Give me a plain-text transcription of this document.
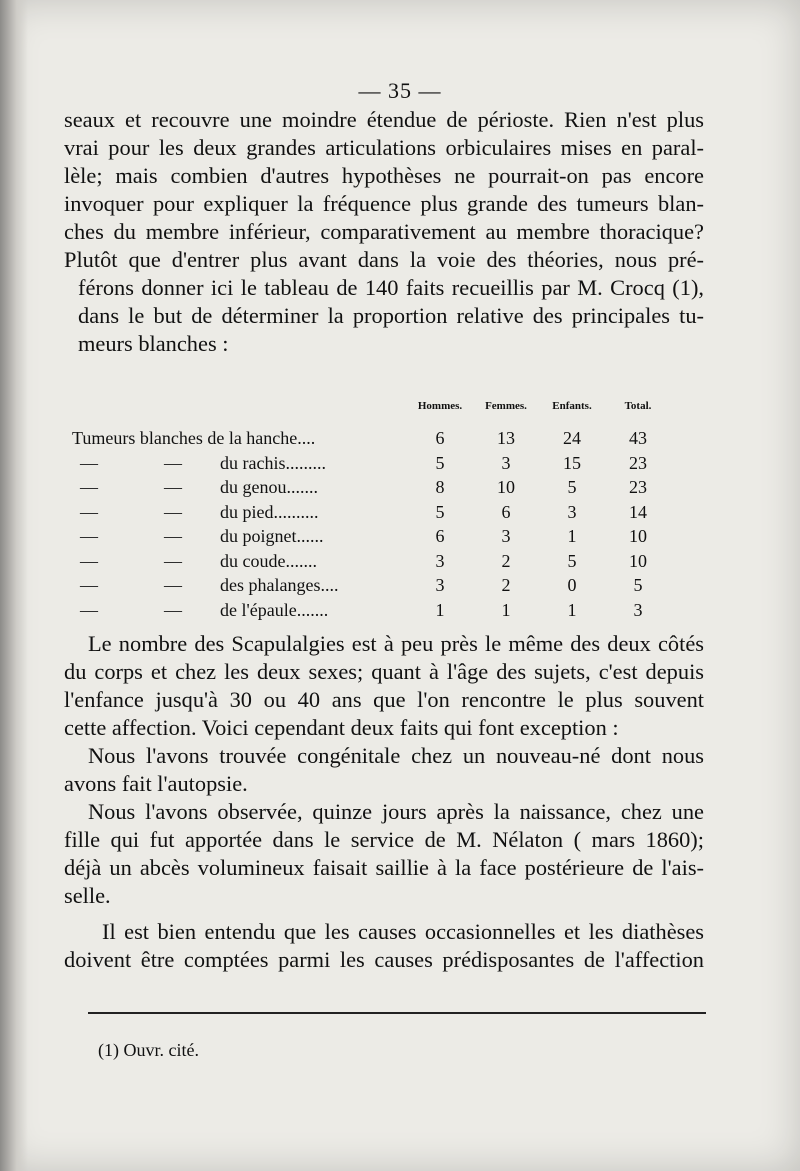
— 35 —

seaux et recouvre une moindre étendue de périoste. Rien n'est plus
vrai pour les deux grandes articulations orbiculaires mises en paral-
lèle; mais combien d'autres hypothèses ne pourrait-on pas encore
invoquer pour expliquer la fréquence plus grande des tumeurs blan-
ches du membre inférieur, comparativement au membre thoracique?

Plutôt que d'entrer plus avant dans la voie des théories, nous pré-
férons donner ici le tableau de 140 faits recueillis par M. Crocq (1),
dans le but de déterminer la proportion relative des principales tu-
meurs blanches :

	Hommes.	Femmes.	Enfants.	Total.
Tumeurs blanches de la hanche....	6	13	24	43
— — du rachis.........	5	3	15	23
— — du genou.......	8	10	5	23
— — du pied..........	5	6	3	14
— — du poignet......	6	3	1	10
— — du coude.......	3	2	5	10
— — des phalanges....	3	2	0	5
— — de l'épaule.......	1	1	1	3

Le nombre des Scapulalgies est à peu près le même des deux côtés
du corps et chez les deux sexes; quant à l'âge des sujets, c'est depuis
l'enfance jusqu'à 30 ou 40 ans que l'on rencontre le plus souvent
cette affection. Voici cependant deux faits qui font exception :

Nous l'avons trouvée congénitale chez un nouveau-né dont nous
avons fait l'autopsie.

Nous l'avons observée, quinze jours après la naissance, chez une
fille qui fut apportée dans le service de M. Nélaton ( mars 1860);
déjà un abcès volumineux faisait saillie à la face postérieure de l'ais-
selle.

Il est bien entendu que les causes occasionnelles et les diathèses
doivent être comptées parmi les causes prédisposantes de l'affection

(1) Ouvr. cité.
